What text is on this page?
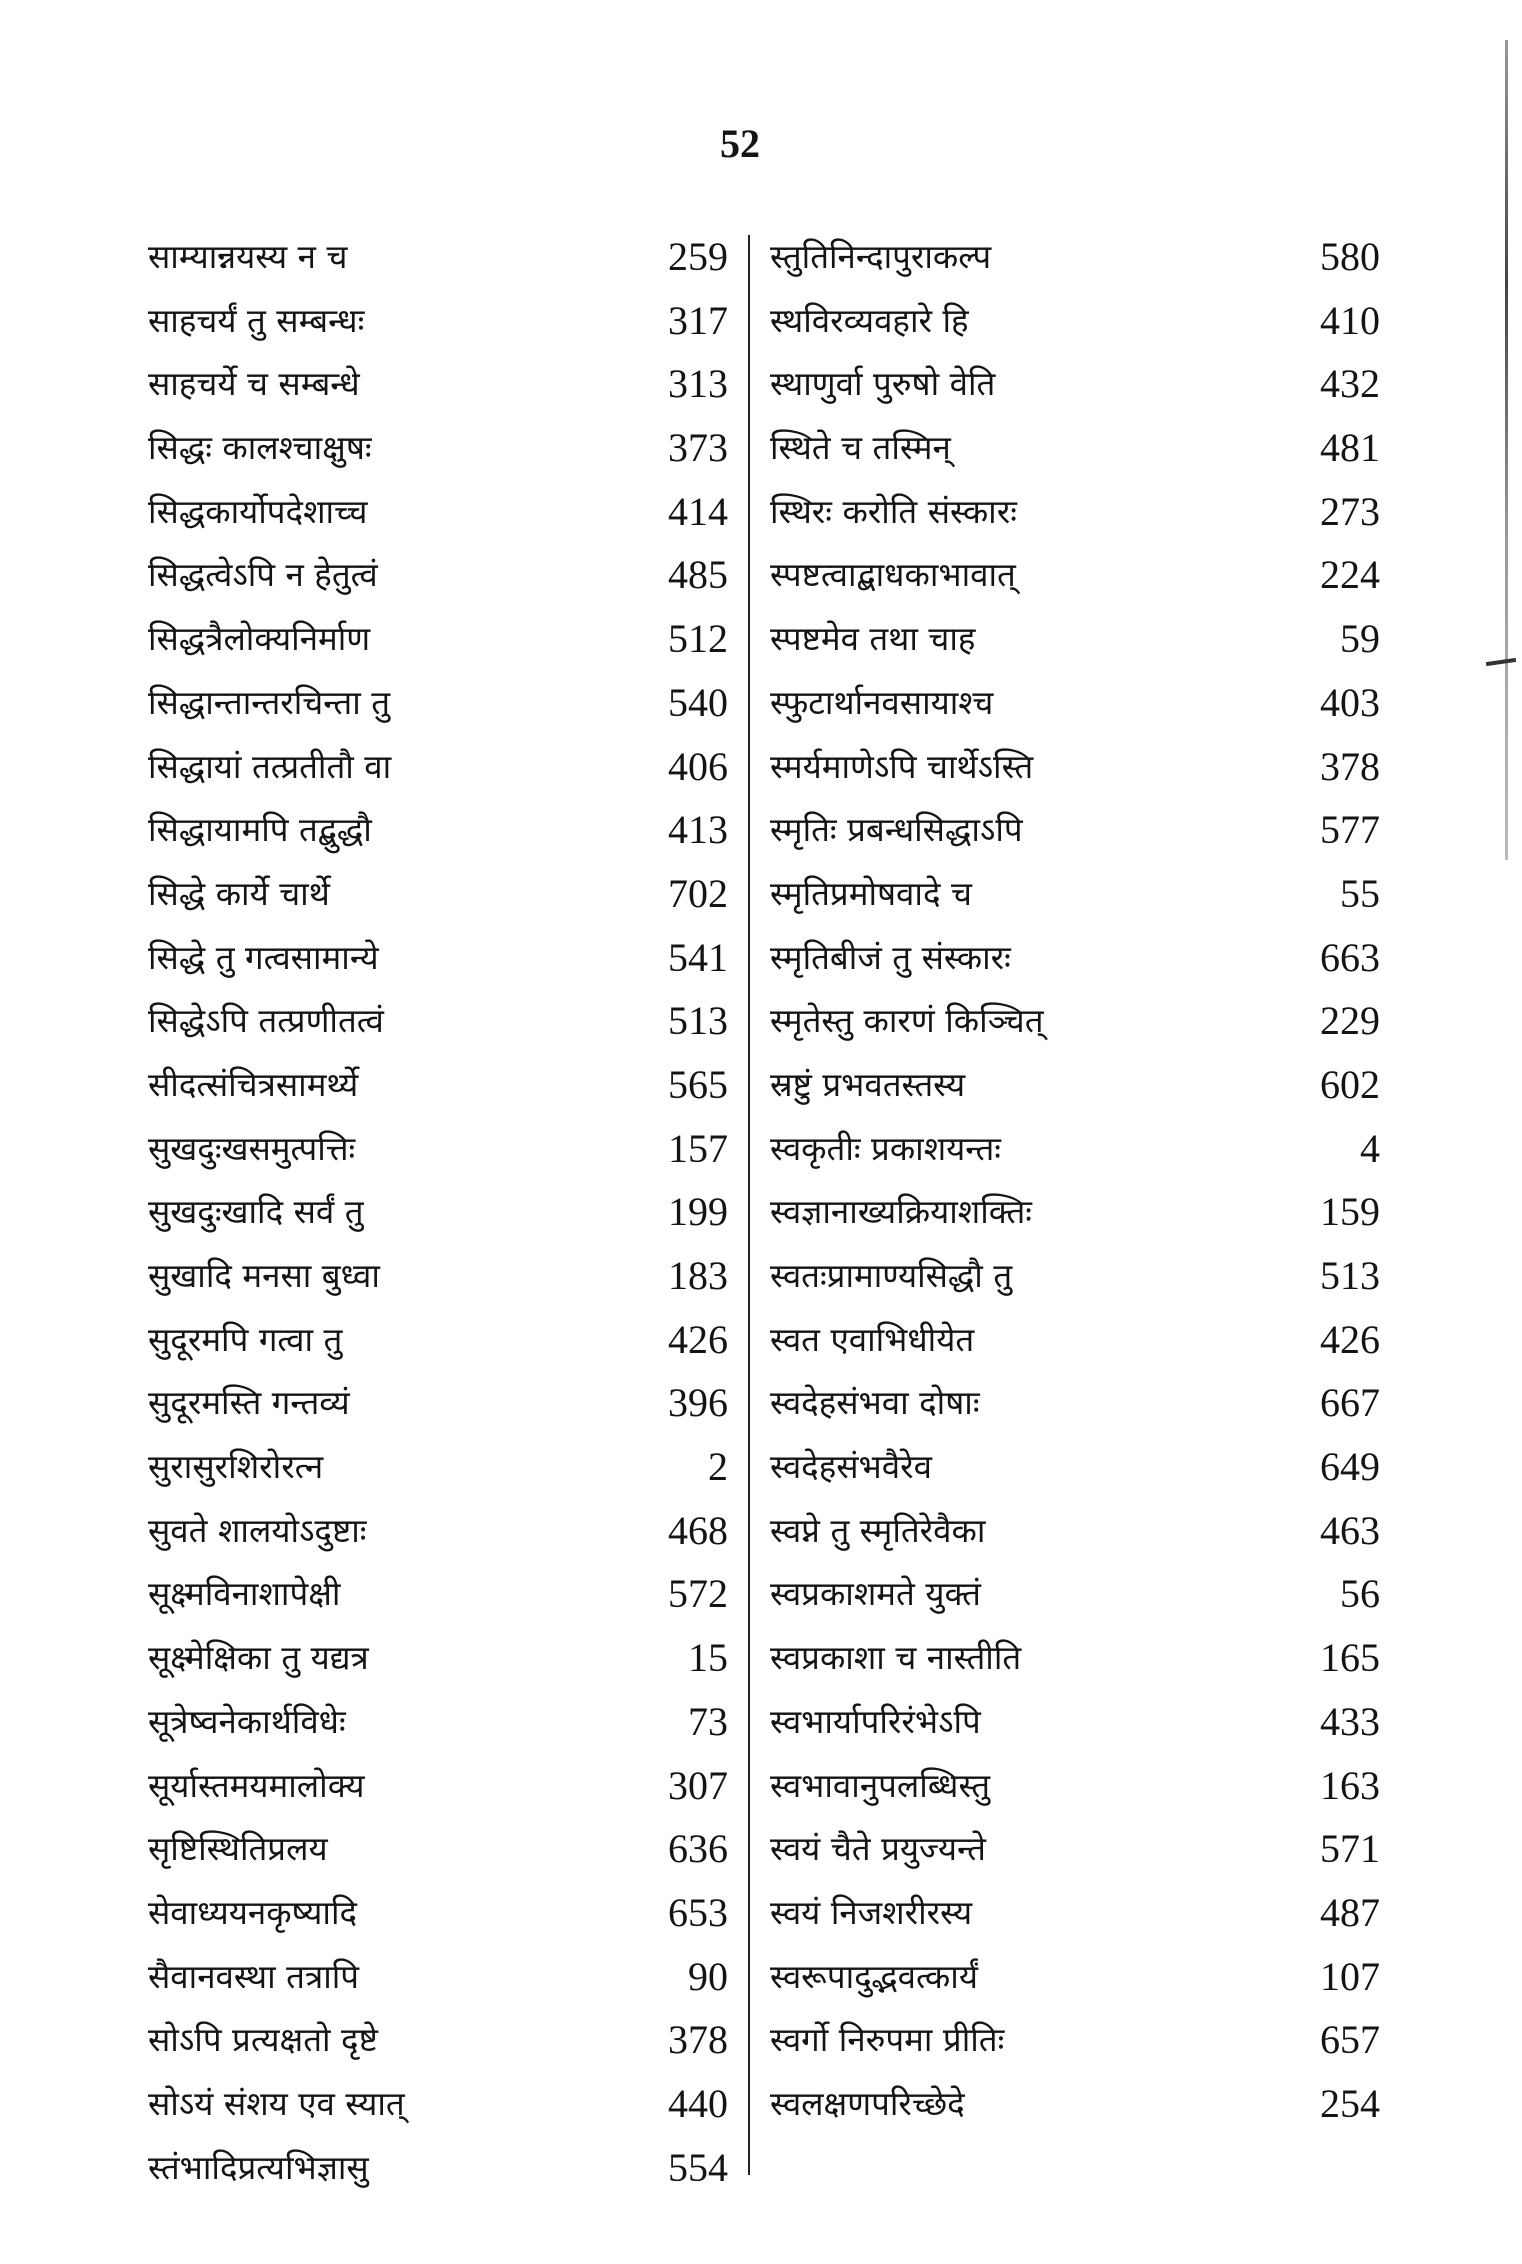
52
साम्यान्नयस्य न च	259
साहचर्यं तु सम्बन्धः	317
साहचर्ये च सम्बन्धे	313
सिद्धः कालश्चाक्षुषः	373
सिद्धकार्योपदेशाच्च	414
सिद्धत्वेऽपि न हेतुत्वं	485
सिद्धत्रैलोक्यनिर्माण	512
सिद्धान्तान्तरचिन्ता तु	540
सिद्धायां तत्प्रतीतौ वा	406
सिद्धायामपि तद्बुद्धौ	413
सिद्धे कार्ये चार्थे	702
सिद्धे तु गत्वसामान्ये	541
सिद्धेऽपि तत्प्रणीतत्वं	513
सीदत्संचित्रसामर्थ्ये	565
सुखदुःखसमुत्पत्तिः	157
सुखदुःखादि सर्वं तु	199
सुखादि मनसा बुध्वा	183
सुदूरमपि गत्वा तु	426
सुदूरमस्ति गन्तव्यं	396
सुरासुरशिरोरत्न	2
सुवते शालयोऽदुष्टाः	468
सूक्ष्मविनाशापेक्षी	572
सूक्ष्मेक्षिका तु यद्यत्र	15
सूत्रेष्वनेकार्थविधेः	73
सूर्यास्तमयमालोक्य	307
सृष्टिस्थितिप्रलय	636
सेवाध्ययनकृष्यादि	653
सैवानवस्था तत्रापि	90
सोऽपि प्रत्यक्षतो दृष्टे	378
सोऽयं संशय एव स्यात्	440
स्तंभादिप्रत्यभिज्ञासु	554
स्तुतिनिन्दापुराकल्प	580
स्थविरव्यवहारे हि	410
स्थाणुर्वा पुरुषो वेति	432
स्थिते च तस्मिन्	481
स्थिरः करोति संस्कारः	273
स्पष्टत्वाद्बाधकाभावात्	224
स्पष्टमेव तथा चाह	59
स्फुटार्थानवसायाश्च	403
स्मर्यमाणेऽपि चार्थेऽस्ति	378
स्मृतिः प्रबन्धसिद्धाऽपि	577
स्मृतिप्रमोषवादे च	55
स्मृतिबीजं तु संस्कारः	663
स्मृतेस्तु कारणं किञ्चित्	229
स्रष्टुं प्रभवतस्तस्य	602
स्वकृतीः प्रकाशयन्तः	4
स्वज्ञानाख्यक्रियाशक्तिः	159
स्वतःप्रामाण्यसिद्धौ तु	513
स्वत एवाभिधीयेत	426
स्वदेहसंभवा दोषाः	667
स्वदेहसंभवैरेव	649
स्वप्ने तु स्मृतिरेवैका	463
स्वप्रकाशमते युक्तं	56
स्वप्रकाशा च नास्तीति	165
स्वभार्यापरिरंभेऽपि	433
स्वभावानुपलब्धिस्तु	163
स्वयं चैते प्रयुज्यन्ते	571
स्वयं निजशरीरस्य	487
स्वरूपादुद्भवत्कार्यं	107
स्वर्गो निरुपमा प्रीतिः	657
स्वलक्षणपरिच्छेदे	254
